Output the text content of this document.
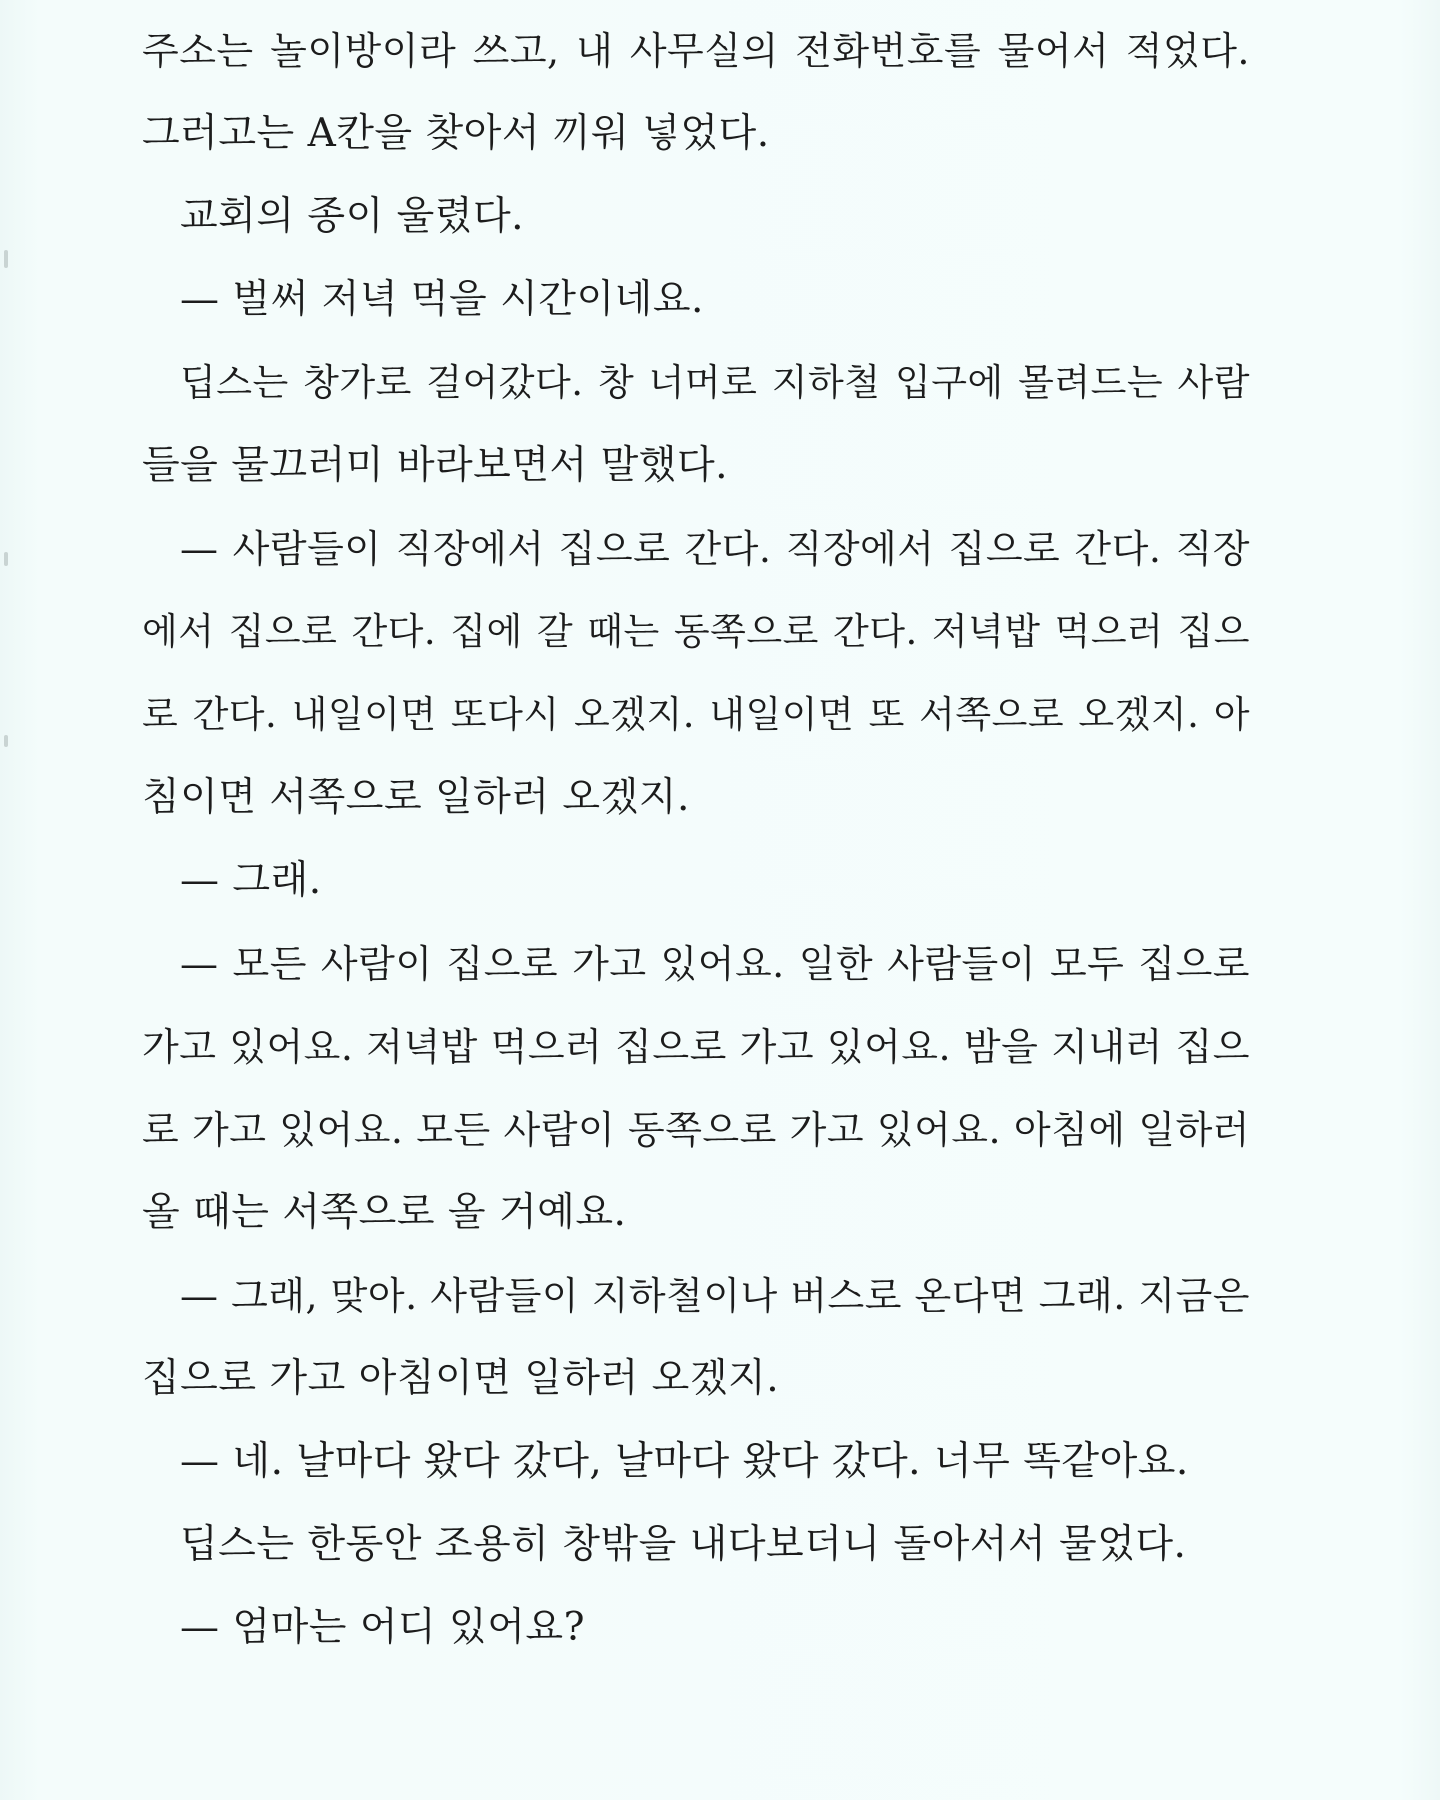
주소는 놀이방이라 쓰고, 내 사무실의 전화번호를 물어서 적었다.
그러고는 A칸을 찾아서 끼워 넣었다.
교회의 종이 울렸다.
— 벌써 저녁 먹을 시간이네요.
딥스는 창가로 걸어갔다. 창 너머로 지하철 입구에 몰려드는 사람
들을 물끄러미 바라보면서 말했다.
— 사람들이 직장에서 집으로 간다. 직장에서 집으로 간다. 직장
에서 집으로 간다. 집에 갈 때는 동쪽으로 간다. 저녁밥 먹으러 집으
로 간다. 내일이면 또다시 오겠지. 내일이면 또 서쪽으로 오겠지. 아
침이면 서쪽으로 일하러 오겠지.
— 그래.
— 모든 사람이 집으로 가고 있어요. 일한 사람들이 모두 집으로
가고 있어요. 저녁밥 먹으러 집으로 가고 있어요. 밤을 지내러 집으
로 가고 있어요. 모든 사람이 동쪽으로 가고 있어요. 아침에 일하러
올 때는 서쪽으로 올 거예요.
— 그래, 맞아. 사람들이 지하철이나 버스로 온다면 그래. 지금은
집으로 가고 아침이면 일하러 오겠지.
— 네. 날마다 왔다 갔다, 날마다 왔다 갔다. 너무 똑같아요.
딥스는 한동안 조용히 창밖을 내다보더니 돌아서서 물었다.
— 엄마는 어디 있어요?
